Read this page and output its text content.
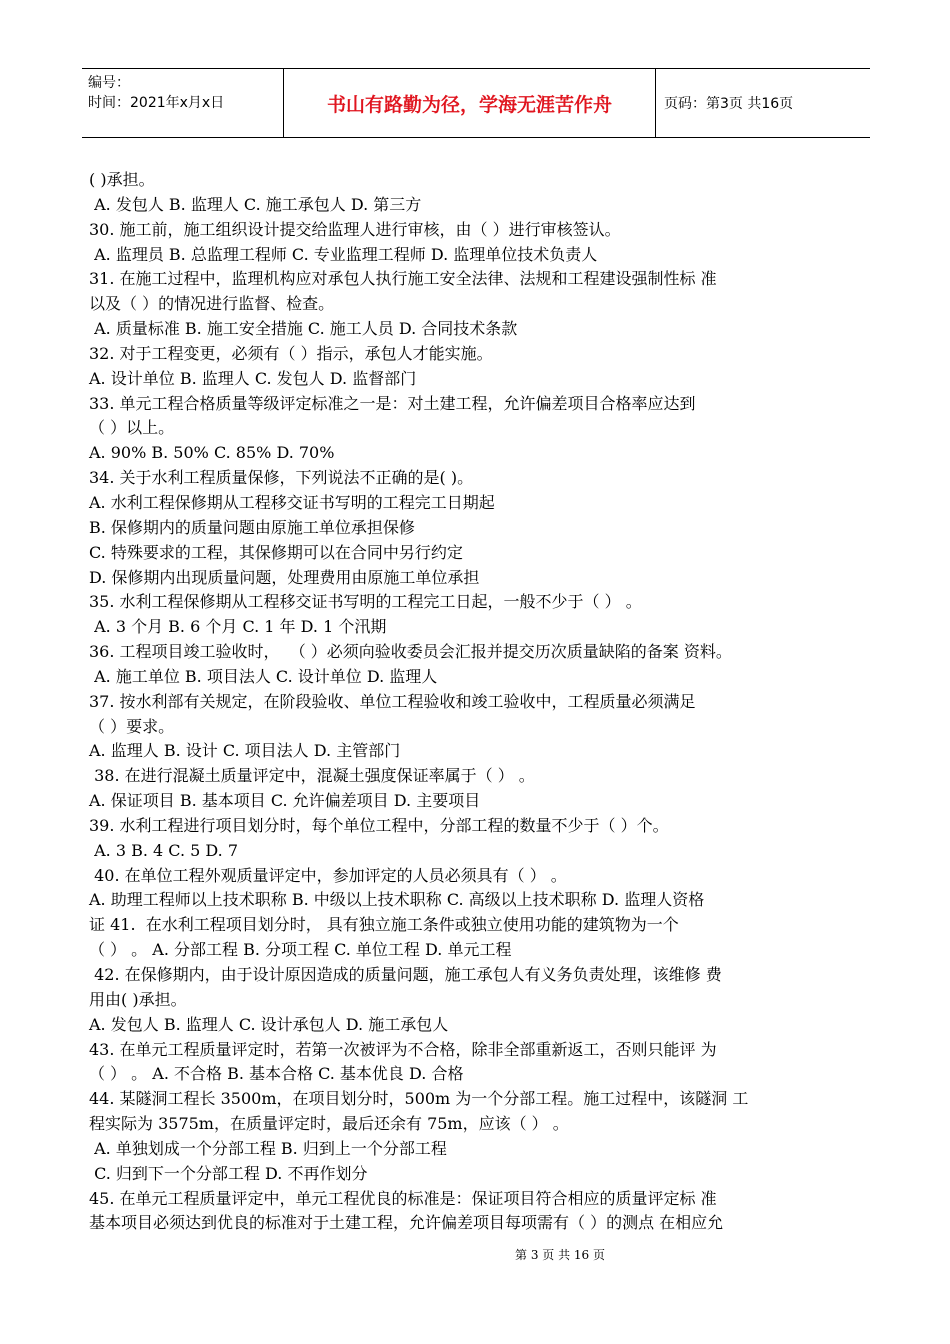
编号：
时间：2021年x月x日	书山有路勤为径，学海无涯苦作舟	页码：第3页 共16页
( )承担。
A. 发包人 B. 监理人 C. 施工承包人 D. 第三方
30. 施工前，施工组织设计提交给监理人进行审核，由（ ）进行审核签认。
A. 监理员 B. 总监理工程师 C. 专业监理工程师 D. 监理单位技术负责人
31. 在施工过程中，监理机构应对承包人执行施工安全法律、法规和工程建设强制性标 准
以及（ ）的情况进行监督、检查。
A. 质量标准 B. 施工安全措施 C. 施工人员 D. 合同技术条款
32. 对于工程变更，必须有（ ）指示，承包人才能实施。
A. 设计单位 B. 监理人 C. 发包人 D. 监督部门
33. 单元工程合格质量等级评定标准之一是：对土建工程，允许偏差项目合格率应达到
（ ）以上。
A. 90% B. 50% C. 85% D. 70%
34. 关于水利工程质量保修，下列说法不正确的是( )。
A. 水利工程保修期从工程移交证书写明的工程完工日期起
B. 保修期内的质量问题由原施工单位承担保修
C. 特殊要求的工程，其保修期可以在合同中另行约定
D. 保修期内出现质量问题，处理费用由原施工单位承担
35. 水利工程保修期从工程移交证书写明的工程完工日起，一般不少于（ ） 。
A. 3 个月 B. 6 个月 C. 1 年 D. 1 个汛期
36. 工程项目竣工验收时，  （ ）必须向验收委员会汇报并提交历次质量缺陷的备案 资料。
A. 施工单位 B. 项目法人 C. 设计单位 D. 监理人
37. 按水利部有关规定，在阶段验收、单位工程验收和竣工验收中，工程质量必须满足
（ ）要求。
A. 监理人 B. 设计 C. 项目法人 D. 主管部门
38. 在进行混凝土质量评定中，混凝土强度保证率属于（ ） 。
A. 保证项目 B. 基本项目 C. 允许偏差项目 D. 主要项目
39. 水利工程进行项目划分时，每个单位工程中，分部工程的数量不少于（ ）个。
A. 3 B. 4 C. 5 D. 7
40. 在单位工程外观质量评定中，参加评定的人员必须具有（ ） 。
A. 助理工程师以上技术职称 B. 中级以上技术职称 C. 高级以上技术职称 D. 监理人资格
证 41.  在水利工程项目划分时， 具有独立施工条件或独立使用功能的建筑物为一个
（ ） 。 A. 分部工程 B. 分项工程 C. 单位工程 D. 单元工程
42. 在保修期内，由于设计原因造成的质量问题，施工承包人有义务负责处理，该维修 费
用由( )承担。
A. 发包人 B. 监理人 C. 设计承包人 D. 施工承包人
43. 在单元工程质量评定时，若第一次被评为不合格，除非全部重新返工，否则只能评 为
（ ） 。 A. 不合格 B. 基本合格 C. 基本优良 D. 合格
44. 某隧洞工程长 3500m，在项目划分时，500m 为一个分部工程。施工过程中，该隧洞 工
程实际为 3575m，在质量评定时，最后还余有 75m，应该（ ） 。
A. 单独划成一个分部工程 B. 归到上一个分部工程
C. 归到下一个分部工程 D. 不再作划分
45. 在单元工程质量评定中，单元工程优良的标准是：保证项目符合相应的质量评定标 准
基本项目必须达到优良的标准对于土建工程，允许偏差项目每项需有（ ）的测点 在相应允
第 3 页 共 16 页
